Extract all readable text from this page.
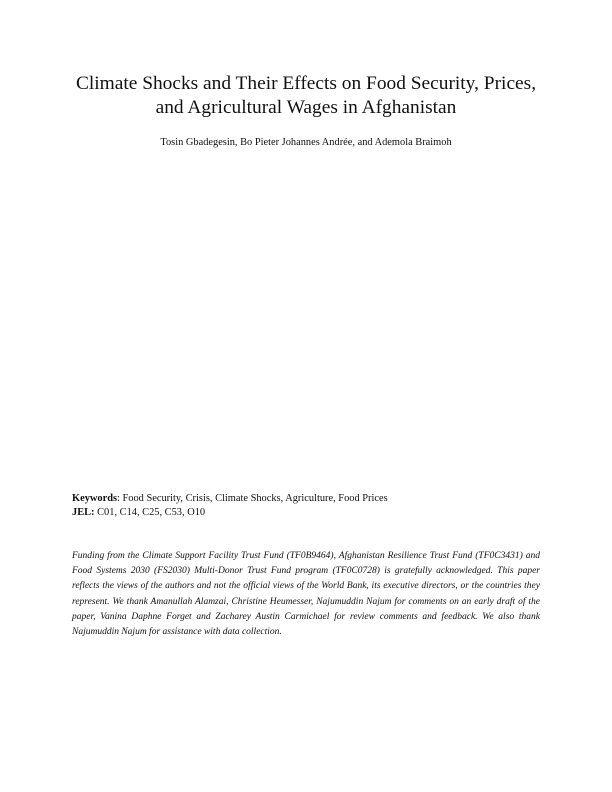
Climate Shocks and Their Effects on Food Security, Prices,
and Agricultural Wages in Afghanistan
Tosin Gbadegesin, Bo Pieter Johannes Andrée, and Ademola Braimoh
Keywords: Food Security, Crisis, Climate Shocks, Agriculture, Food Prices
JEL: C01, C14, C25, C53, O10
Funding from the Climate Support Facility Trust Fund (TF0B9464), Afghanistan Resilience Trust Fund (TF0C3431) and Food Systems 2030 (FS2030) Multi-Donor Trust Fund program (TF0C0728) is gratefully acknowledged. This paper reflects the views of the authors and not the official views of the World Bank, its executive directors, or the countries they represent. We thank Amanullah Alamzai, Christine Heumesser, Najumuddin Najum for comments on an early draft of the paper, Vanina Daphne Forget and Zacharey Austin Carmichael for review comments and feedback. We also thank Najumuddin Najum for assistance with data collection.
